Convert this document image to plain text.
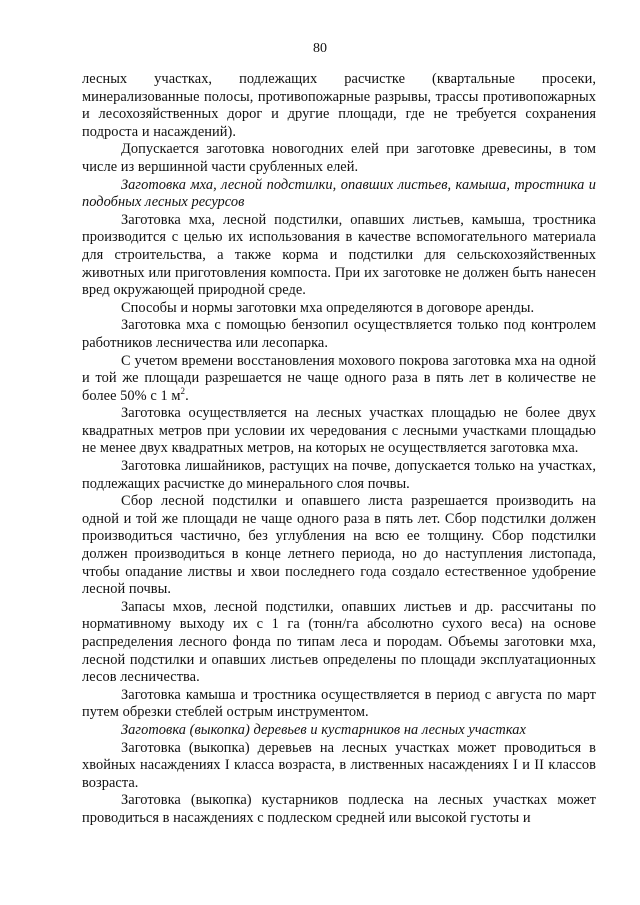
80

лесных участках, подлежащих расчистке (квартальные просеки, минерализованные полосы, противопожарные разрывы, трассы противопожарных и лесохозяйственных дорог и другие площади, где не требуется сохранения подроста и насаждений).

Допускается заготовка новогодних елей при заготовке древесины, в том числе из вершинной части срубленных елей.

Заготовка мха, лесной подстилки, опавших листьев, камыша, тростника и подобных лесных ресурсов

Заготовка мха, лесной подстилки, опавших листьев, камыша, тростника производится с целью их использования в качестве вспомогательного материала для строительства, а также корма и подстилки для сельскохозяйственных животных или приготовления компоста. При их заготовке не должен быть нанесен вред окружающей природной среде.

Способы и нормы заготовки мха определяются в договоре аренды.

Заготовка мха с помощью бензопил осуществляется только под контролем работников лесничества или лесопарка.

С учетом времени восстановления мохового покрова заготовка мха на одной и той же площади разрешается не чаще одного раза в пять лет в количестве не более 50% с 1 $м^2$.

Заготовка осуществляется на лесных участках площадью не более двух квадратных метров при условии их чередования с лесными участками площадью не менее двух квадратных метров, на которых не осуществляется заготовка мха.

Заготовка лишайников, растущих на почве, допускается только на участках, подлежащих расчистке до минерального слоя почвы.

Сбор лесной подстилки и опавшего листа разрешается производить на одной и той же площади не чаще одного раза в пять лет. Сбор подстилки должен производиться частично, без углубления на всю ее толщину. Сбор подстилки должен производиться в конце летнего периода, но до наступления листопада, чтобы опадание листвы и хвои последнего года создало естественное удобрение лесной почвы.

Запасы мхов, лесной подстилки, опавших листьев и др. рассчитаны по нормативному выходу их с 1 га (тонн/га абсолютно сухого веса) на основе распределения лесного фонда по типам леса и породам. Объемы заготовки мха, лесной подстилки и опавших листьев определены по площади эксплуатационных лесов лесничества.

Заготовка камыша и тростника осуществляется в период с августа по март путем обрезки стеблей острым инструментом.

Заготовка (выкопка) деревьев и кустарников на лесных участках

Заготовка (выкопка) деревьев на лесных участках может проводиться в хвойных насаждениях I класса возраста, в лиственных насаждениях I и II классов возраста.

Заготовка (выкопка) кустарников подлеска на лесных участках может проводиться в насаждениях с подлеском средней или высокой густоты и
